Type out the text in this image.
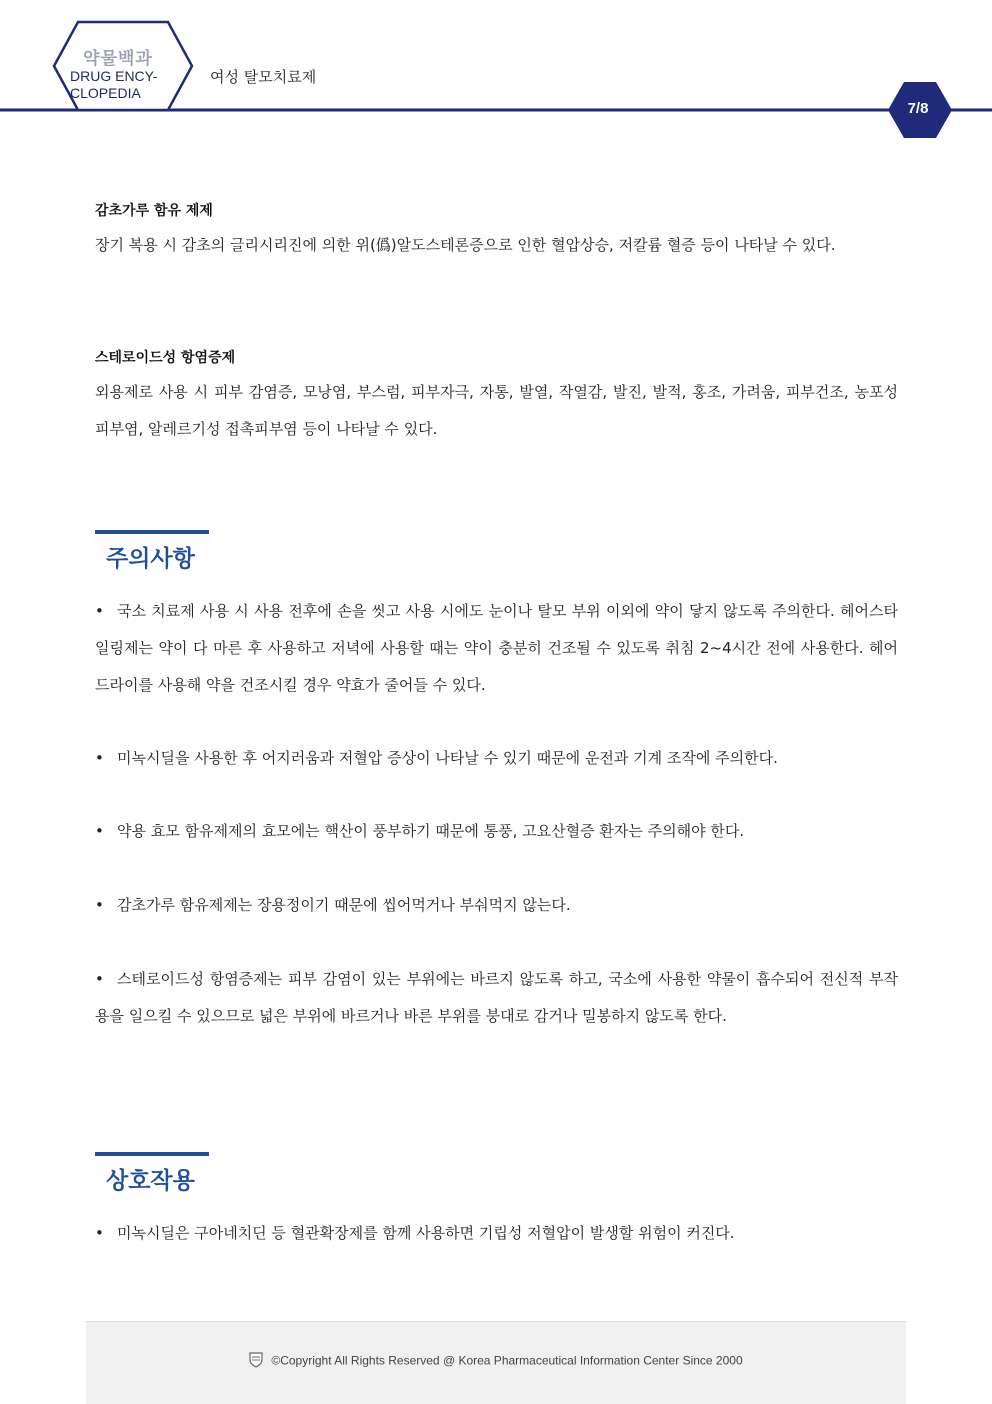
약물백과
DRUG ENCY-
CLOPEDIA
여성 탈모치료제
7/8
감초가루 함유 제제
장기 복용 시 감초의 글리시리진에 의한 위(僞)알도스테론증으로 인한 혈압상승, 저칼륨 혈증 등이 나타날 수 있다.
스테로이드성 항염증제
외용제로 사용 시 피부 감염증, 모낭염, 부스럼, 피부자극, 자통, 발열, 작열감, 발진, 발적, 홍조, 가려움, 피부건조, 농포성 피부염, 알레르기성 접촉피부염 등이 나타날 수 있다.
주의사항
• 국소 치료제 사용 시 사용 전후에 손을 씻고 사용 시에도 눈이나 탈모 부위 이외에 약이 닿지 않도록 주의한다. 헤어스타일링제는 약이 다 마른 후 사용하고 저녁에 사용할 때는 약이 충분히 건조될 수 있도록 취침 2~4시간 전에 사용한다. 헤어드라이를 사용해 약을 건조시킬 경우 약효가 줄어들 수 있다.
• 미녹시딜을 사용한 후 어지러움과 저혈압 증상이 나타날 수 있기 때문에 운전과 기계 조작에 주의한다.
• 약용 효모 함유제제의 효모에는 핵산이 풍부하기 때문에 통풍, 고요산혈증 환자는 주의해야 한다.
• 감초가루 함유제제는 장용정이기 때문에 씹어먹거나 부숴먹지 않는다.
• 스테로이드성 항염증제는 피부 감염이 있는 부위에는 바르지 않도록 하고, 국소에 사용한 약물이 흡수되어 전신적 부작용을 일으킬 수 있으므로 넓은 부위에 바르거나 바른 부위를 붕대로 감거나 밀봉하지 않도록 한다.
상호작용
• 미녹시딜은 구아네치딘 등 혈관확장제를 함께 사용하면 기립성 저혈압이 발생할 위험이 커진다.
©Copyright All Rights Reserved @ Korea Pharmaceutical Information Center Since 2000
